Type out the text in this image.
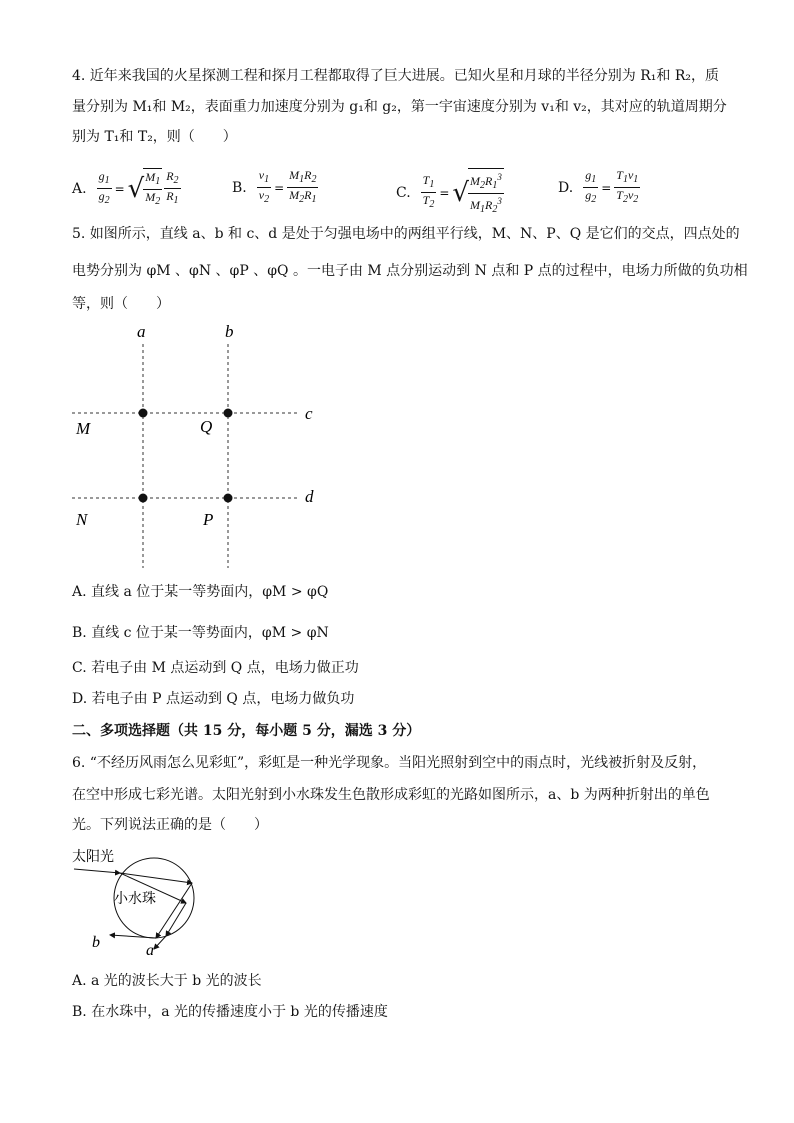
4. 近年来我国的火星探测工程和探月工程都取得了巨大进展。已知火星和月球的半径分别为 R₁和 R₂，质
量分别为 M₁和 M₂，表面重力加速度分别为 g₁和 g₂，第一宇宙速度分别为 v₁和 v₂，其对应的轨道周期分
别为 T₁和 T₂，则（　　）
A. $\frac{g_1}{g_2}$ = √ $\frac{M_1}{M_2} \frac{R_2}{R_1}$	B. $\frac{v_1}{v_2} = \frac{M_1R_2}{M_2R_1}$	C. $\frac{T_1}{T_2}$ = √ $\frac{M_2R_1^3}{M_1R_2^3}$	D. $\frac{g_1}{g_2} = \frac{T_1v_1}{T_2v_2}$
5. 如图所示，直线 a、b 和 c、d 是处于匀强电场中的两组平行线，M、N、P、Q 是它们的交点，四点处的
电势分别为 φM 、φN 、φP 、φQ 。一电子由 M 点分别运动到 N 点和 P 点的过程中，电场力所做的负功相
等，则（　　）
a	b
c
d
M	Q
N	P
A. 直线 a 位于某一等势面内，φM > φQ
B. 直线 c 位于某一等势面内，φM > φN
C. 若电子由 M 点运动到 Q 点，电场力做正功
D. 若电子由 P 点运动到 Q 点，电场力做负功
二、多项选择题（共 15 分，每小题 5 分，漏选 3 分）
6. “不经历风雨怎么见彩虹”，彩虹是一种光学现象。当阳光照射到空中的雨点时，光线被折射及反射，
在空中形成七彩光谱。太阳光射到小水珠发生色散形成彩虹的光路如图所示，a、b 为两种折射出的单色
光。下列说法正确的是（　　）
太阳光
小水珠
b	a
A. a 光的波长大于 b 光的波长
B. 在水珠中，a 光的传播速度小于 b 光的传播速度
